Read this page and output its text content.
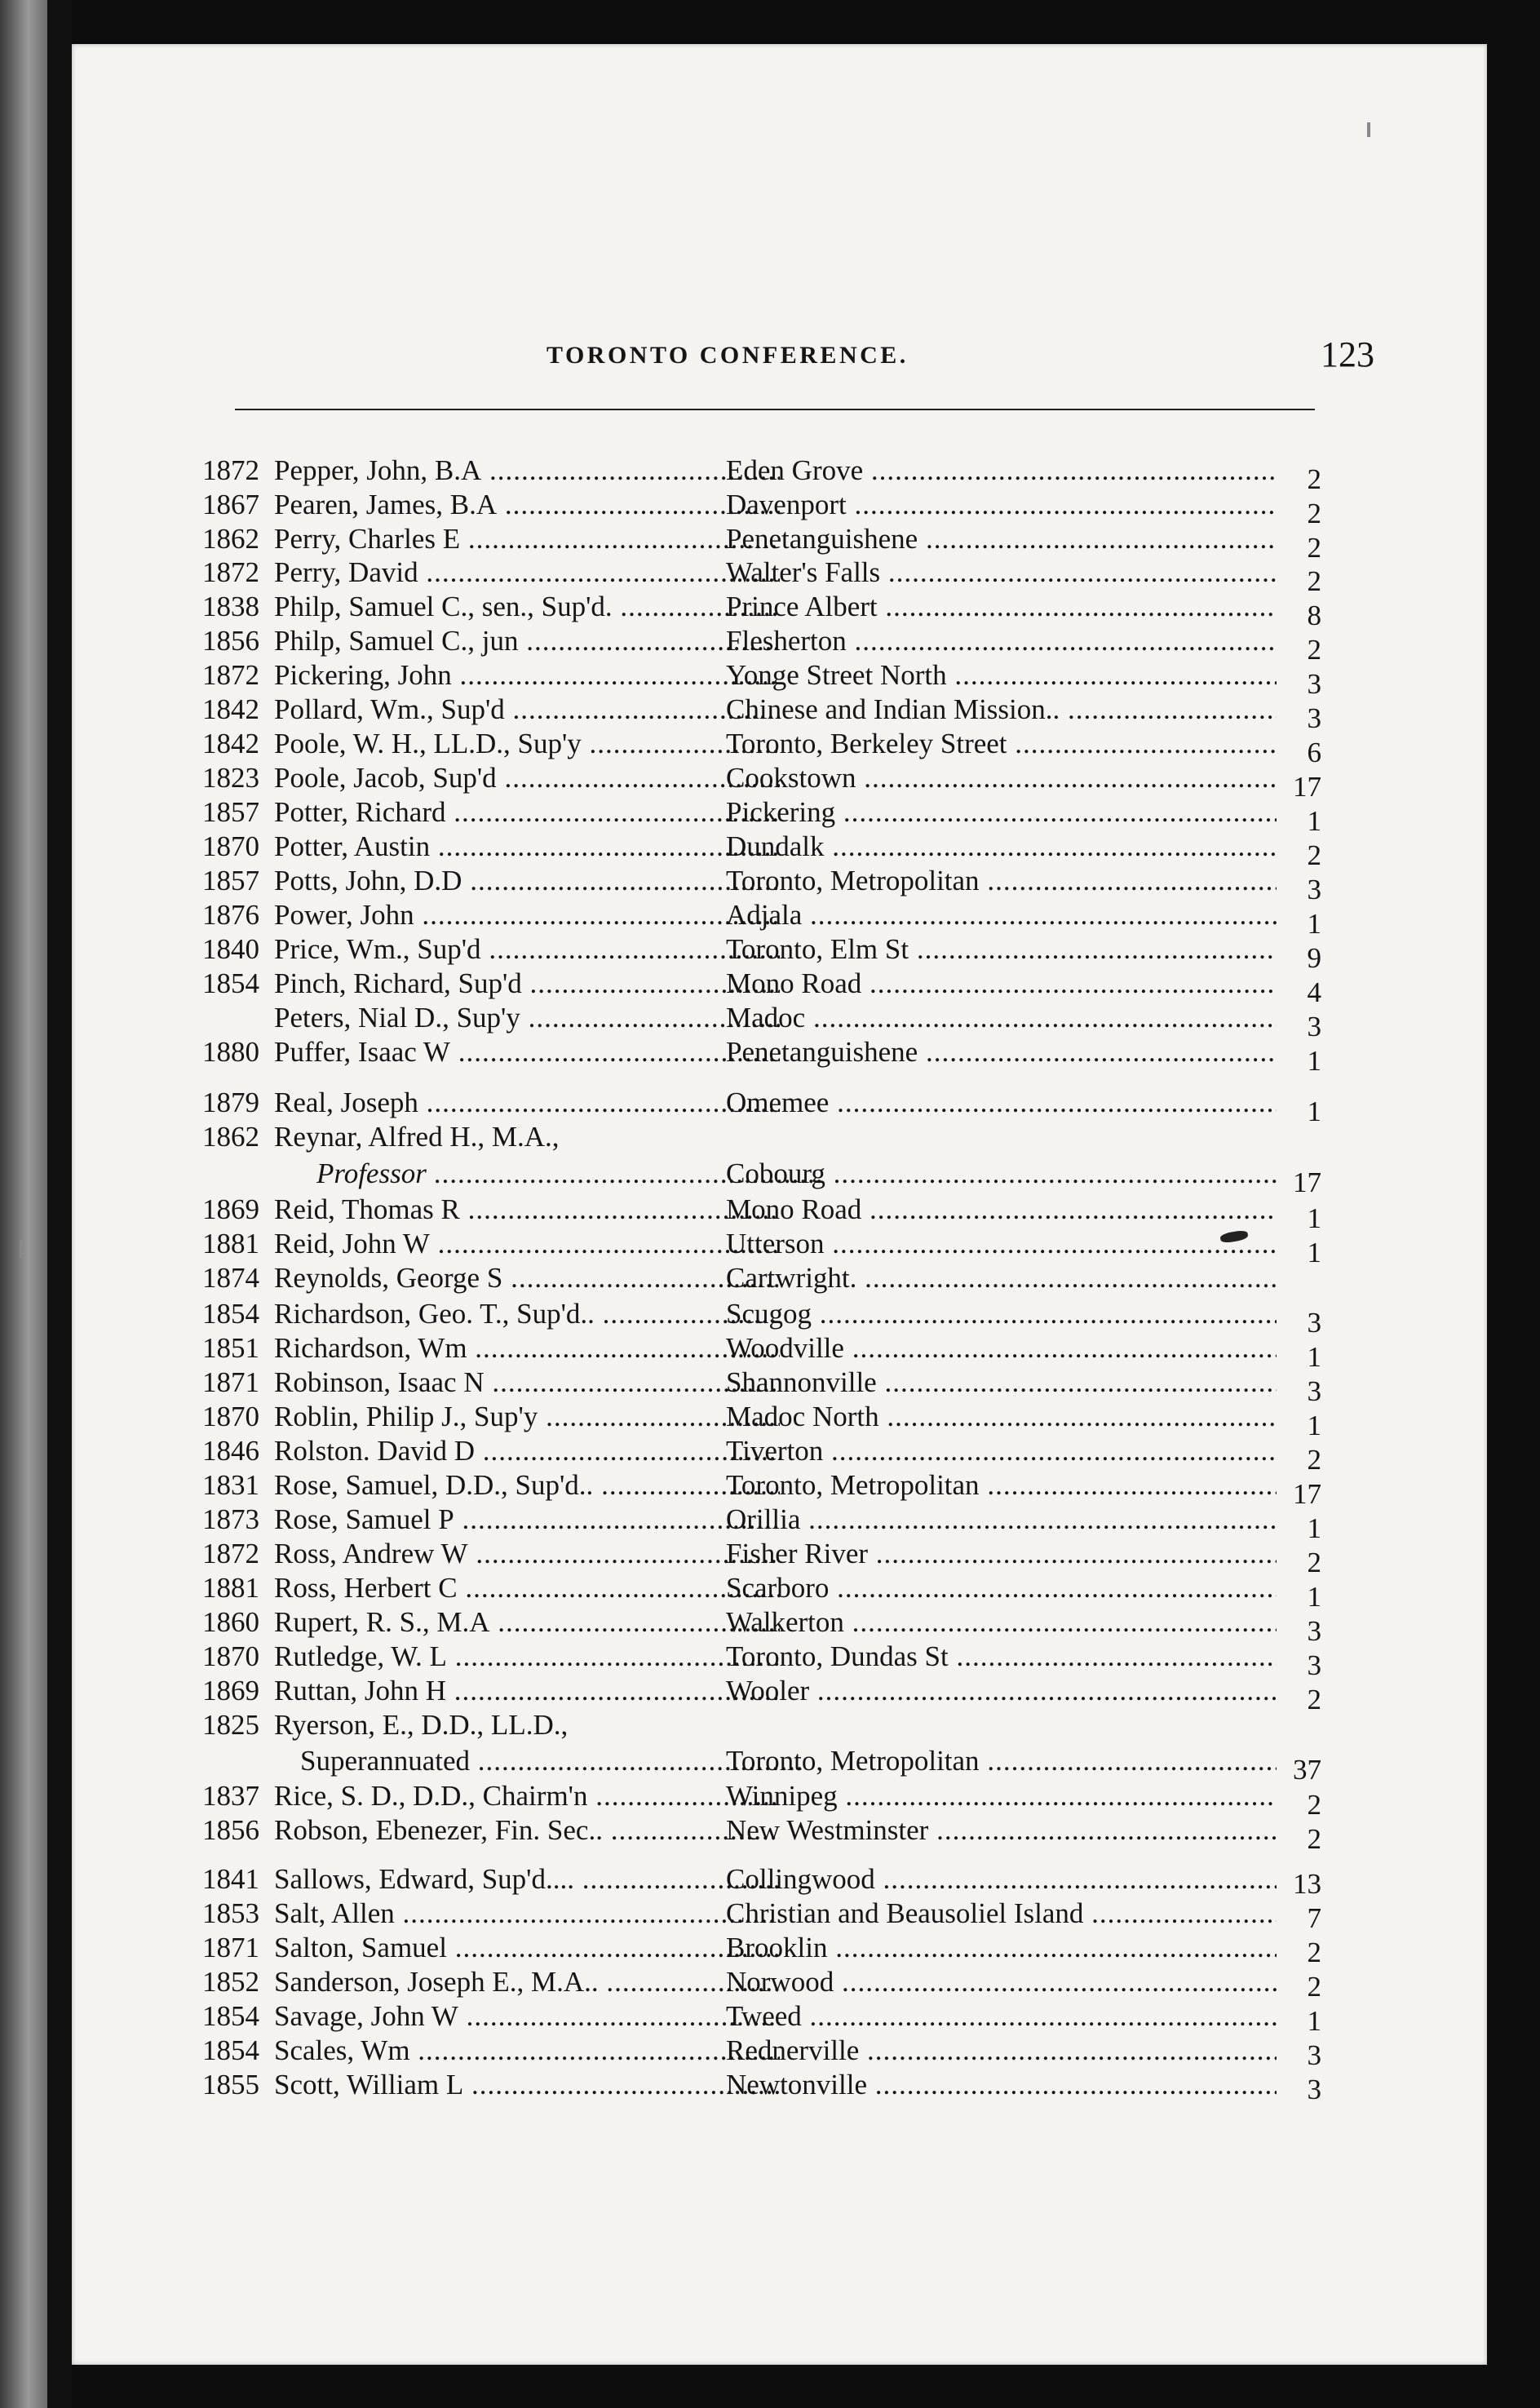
TORONTO CONFERENCE.	123
1872 Pepper, John, B.A .....	Eden Grove .....	2
1867 Pearen, James, B.A .....	Davenport .....	2
1862 Perry, Charles E .....	Penetanguishene .....	2
1872 Perry, David .....	Walter's Falls .....	2
1838 Philp, Samuel C., sen., Sup'd. .....	Prince Albert .....	8
1856 Philp, Samuel C., jun .....	Flesherton .....	2
1872 Pickering, John .....	Yonge Street North .....	3
1842 Pollard, Wm., Sup'd .....	Chinese and Indian Mission.. .....	3
1842 Poole, W. H., LL.D., Sup'y .....	Toronto, Berkeley Street .....	6
1823 Poole, Jacob, Sup'd .....	Cookstown .....	17
1857 Potter, Richard .....	Pickering .....	1
1870 Potter, Austin .....	Dundalk .....	2
1857 Potts, John, D.D .....	Toronto, Metropolitan .....	3
1876 Power, John .....	Adjala .....	1
1840 Price, Wm., Sup'd .....	Toronto, Elm St .....	9
1854 Pinch, Richard, Sup'd .....	Mono Road .....	4
Peters, Nial D., Sup'y .....	Madoc .....	3
1880 Puffer, Isaac W .....	Penetanguishene .....	1
1879 Real, Joseph .....	Omemee .....	1
1862 Reynar, Alfred H., M.A.,
Professor .....	Cobourg .....	17
1869 Reid, Thomas R .....	Mono Road .....	1
1881 Reid, John W .....	Utterson .....	1
1874 Reynolds, George S .....	Cartwright. .....
1854 Richardson, Geo. T., Sup'd.. .....	Scugog .....	3
1851 Richardson, Wm .....	Woodville .....	1
1871 Robinson, Isaac N .....	Shannonville .....	3
1870 Roblin, Philip J., Sup'y .....	Madoc North .....	1
1846 Rolston. David D .....	Tiverton .....	2
1831 Rose, Samuel, D.D., Sup'd.. .....	Toronto, Metropolitan .....	17
1873 Rose, Samuel P .....	Orillia .....	1
1872 Ross, Andrew W .....	Fisher River .....	2
1881 Ross, Herbert C .....	Scarboro .....	1
1860 Rupert, R. S., M.A .....	Walkerton .....	3
1870 Rutledge, W. L .....	Toronto, Dundas St .....	3
1869 Ruttan, John H .....	Wooler .....	2
1825 Ryerson, E., D.D., LL.D.,
Superannuated .....	Toronto, Metropolitan .....	37
1837 Rice, S. D., D.D., Chairm'n .....	Winnipeg .....	2
1856 Robson, Ebenezer, Fin. Sec.. .....	New Westminster .....	2
1841 Sallows, Edward, Sup'd.... .....	Collingwood .....	13
1853 Salt, Allen .....	Christian and Beausoliel Island .....	7
1871 Salton, Samuel .....	Brooklin .....	2
1852 Sanderson, Joseph E., M.A.. .....	Norwood .....	2
1854 Savage, John W .....	Tweed .....	1
1854 Scales, Wm .....	Rednerville .....	3
1855 Scott, William L .....	Newtonville .....	3
